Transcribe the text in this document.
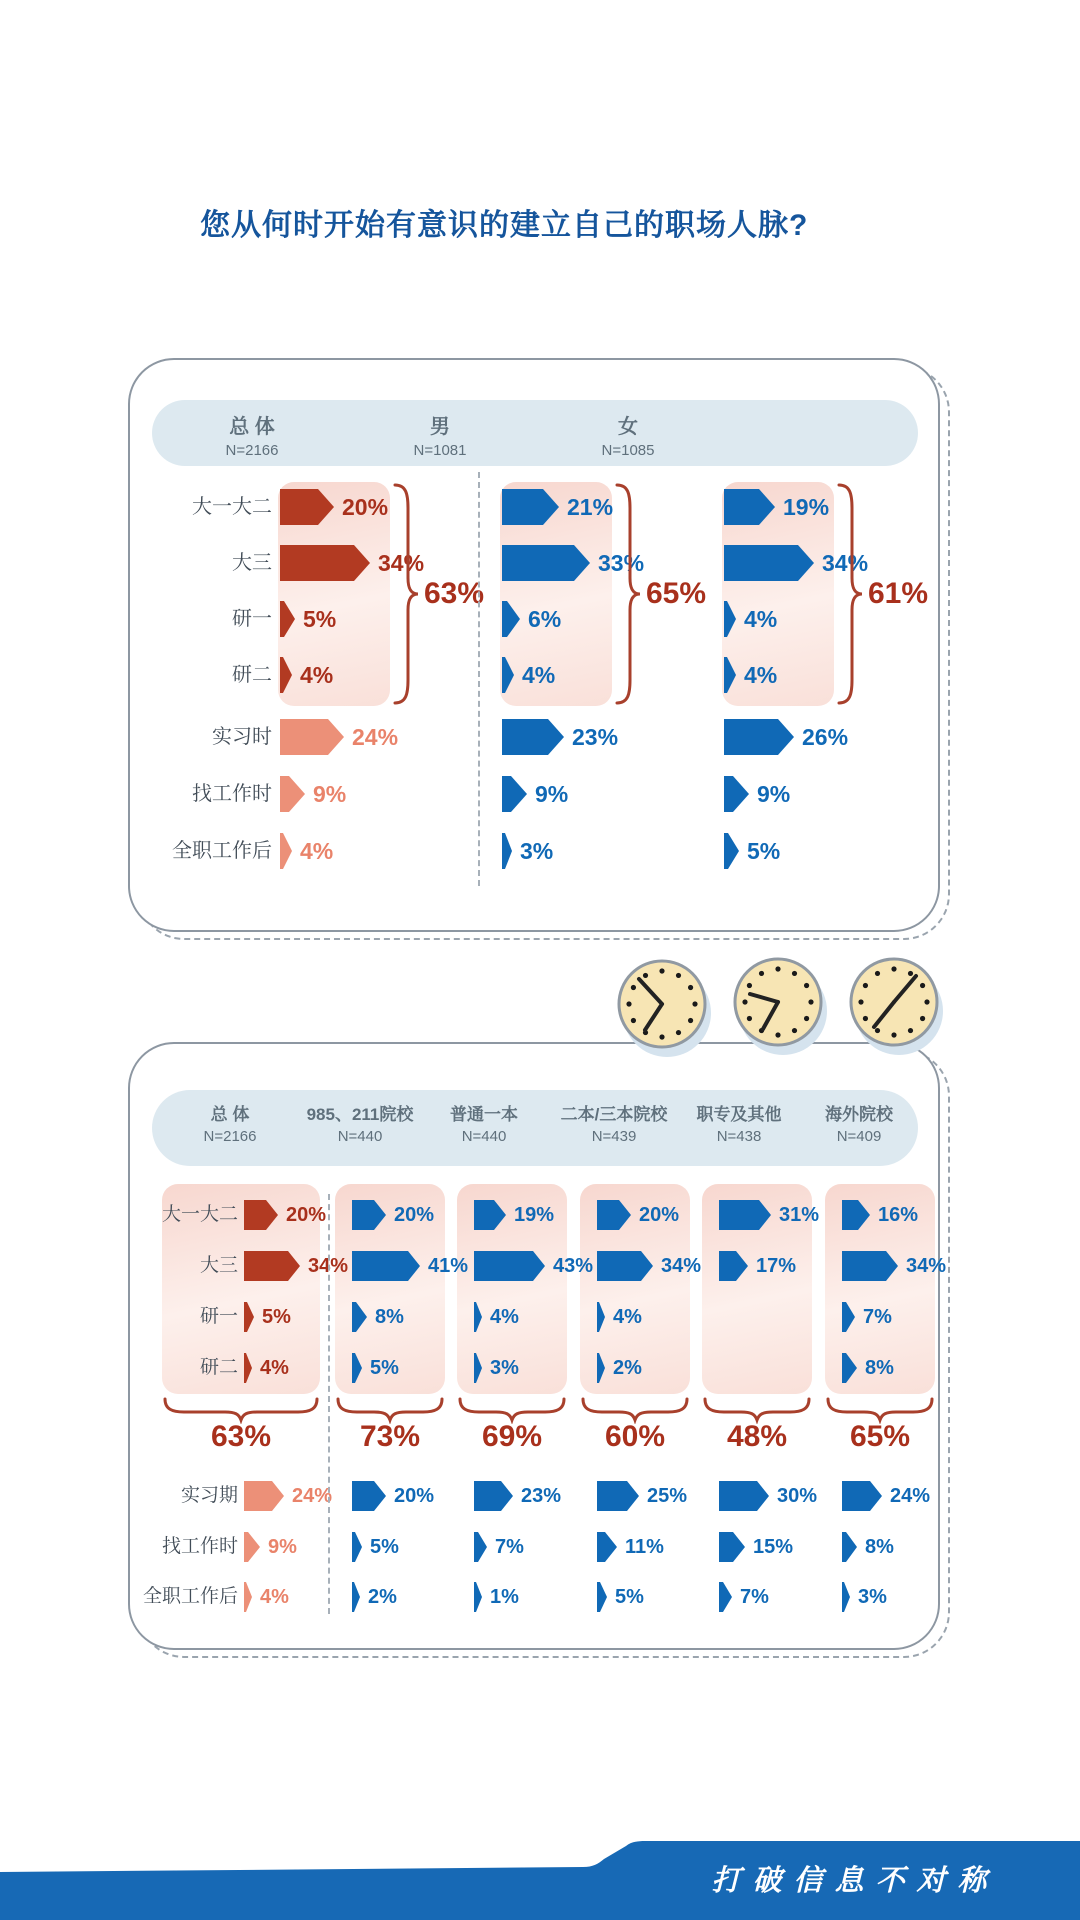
您从何时开始有意识的建立自己的职场人脉?
总 体
N=2166
男
N=1081
女
N=1085
大一大二
大三
研一
研二
实习时
找工作时
全职工作后
20%
34%
5%
4%
24%
9%
4%
63%
21%
33%
6%
4%
23%
9%
3%
65%
19%
34%
4%
4%
26%
9%
5%
61%
总 体
N=2166
985、211院校
N=440
普通一本
N=440
二本/三本院校
N=439
职专及其他
N=438
海外院校
N=409
大一大二
大三
研一
研二
实习期
找工作时
全职工作后
20%
34%
5%
4%
24%
9%
4%
63%
20%
41%
8%
5%
20%
5%
2%
73%
19%
43%
4%
3%
23%
7%
1%
69%
20%
34%
4%
2%
25%
11%
5%
60%
31%
17%
30%
15%
7%
48%
16%
34%
7%
8%
24%
8%
3%
65%
打破信息不对称
